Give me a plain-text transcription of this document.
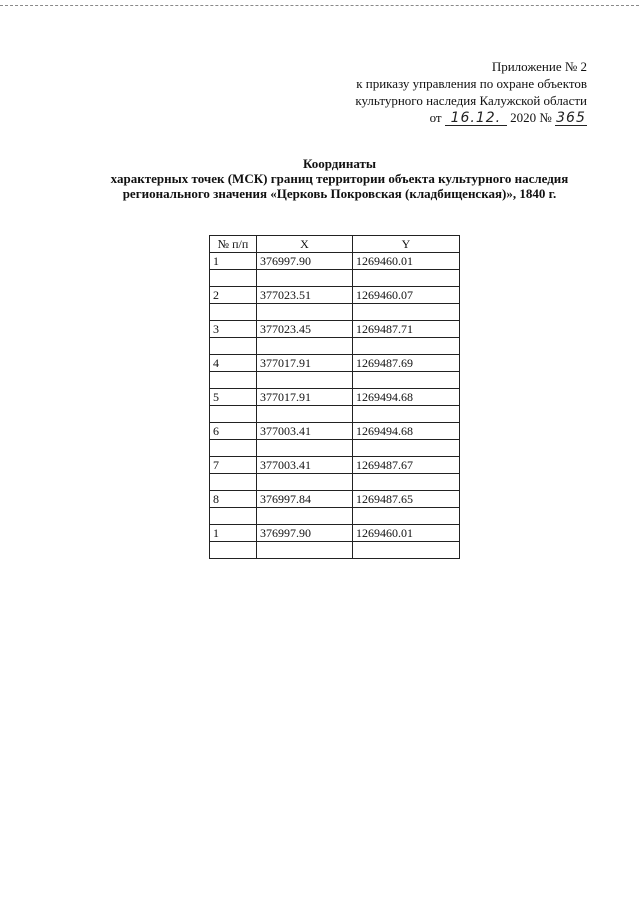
Приложение № 2
к приказу управления по охране объектов
культурного наследия Калужской области
от 16.12. 2020 № 365
Координаты
характерных точек (МСК) границ территории объекта культурного наследия
регионального значения «Церковь Покровская (кладбищенская)», 1840 г.
№ п/п	X	Y
1	376997.90	1269460.01

2	377023.51	1269460.07

3	377023.45	1269487.71

4	377017.91	1269487.69

5	377017.91	1269494.68

6	377003.41	1269494.68

7	377003.41	1269487.67

8	376997.84	1269487.65

1	376997.90	1269460.01
